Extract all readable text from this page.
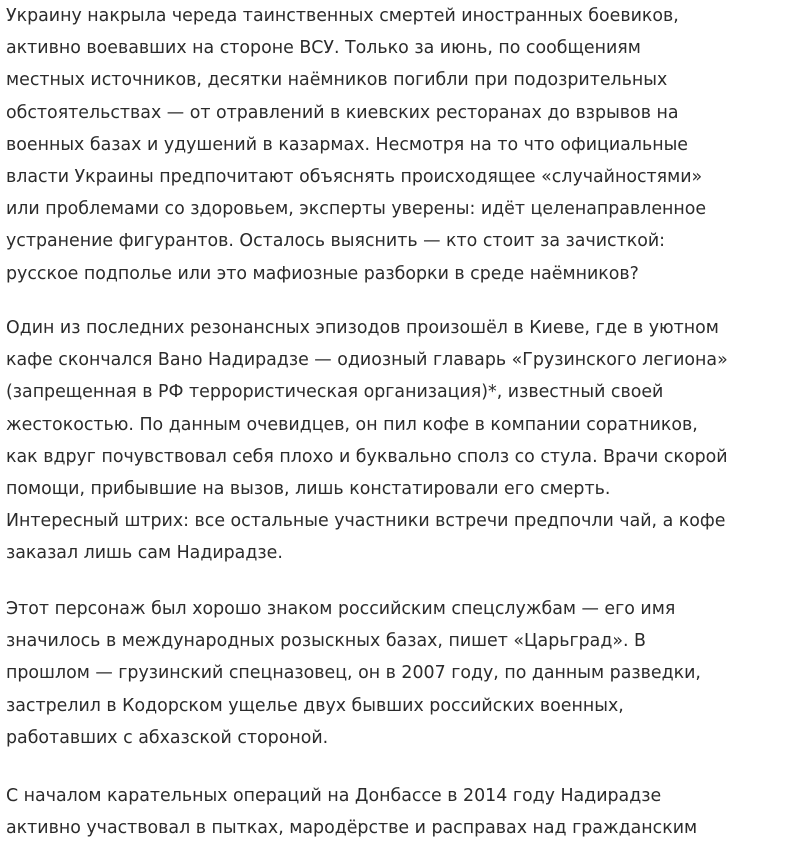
Украину накрыла череда таинственных смертей иностранных боевиков,
активно воевавших на стороне ВСУ. Только за июнь, по сообщениям
местных источников, десятки наёмников погибли при подозрительных
обстоятельствах — от отравлений в киевских ресторанах до взрывов на
военных базах и удушений в казармах. Несмотря на то что официальные
власти Украины предпочитают объяснять происходящее «случайностями»
или проблемами со здоровьем, эксперты уверены: идёт целенаправленное
устранение фигурантов. Осталось выяснить — кто стоит за зачисткой:
русское подполье или это мафиозные разборки в среде наёмников?

Один из последних резонансных эпизодов произошёл в Киеве, где в уютном
кафе скончался Вано Надирадзе — одиозный главарь «Грузинского легиона»
(запрещенная в РФ террористическая организация)*, известный своей
жестокостью. По данным очевидцев, он пил кофе в компании соратников,
как вдруг почувствовал себя плохо и буквально сполз со стула. Врачи скорой
помощи, прибывшие на вызов, лишь констатировали его смерть.
Интересный штрих: все остальные участники встречи предпочли чай, а кофе
заказал лишь сам Надирадзе.

Этот персонаж был хорошо знаком российским спецслужбам — его имя
значилось в международных розыскных базах, пишет «Царьград». В
прошлом — грузинский спецназовец, он в 2007 году, по данным разведки,
застрелил в Кодорском ущелье двух бывших российских военных,
работавших с абхазской стороной.

С началом карательных операций на Донбассе в 2014 году Надирадзе
активно участвовал в пытках, мародёрстве и расправах над гражданским
